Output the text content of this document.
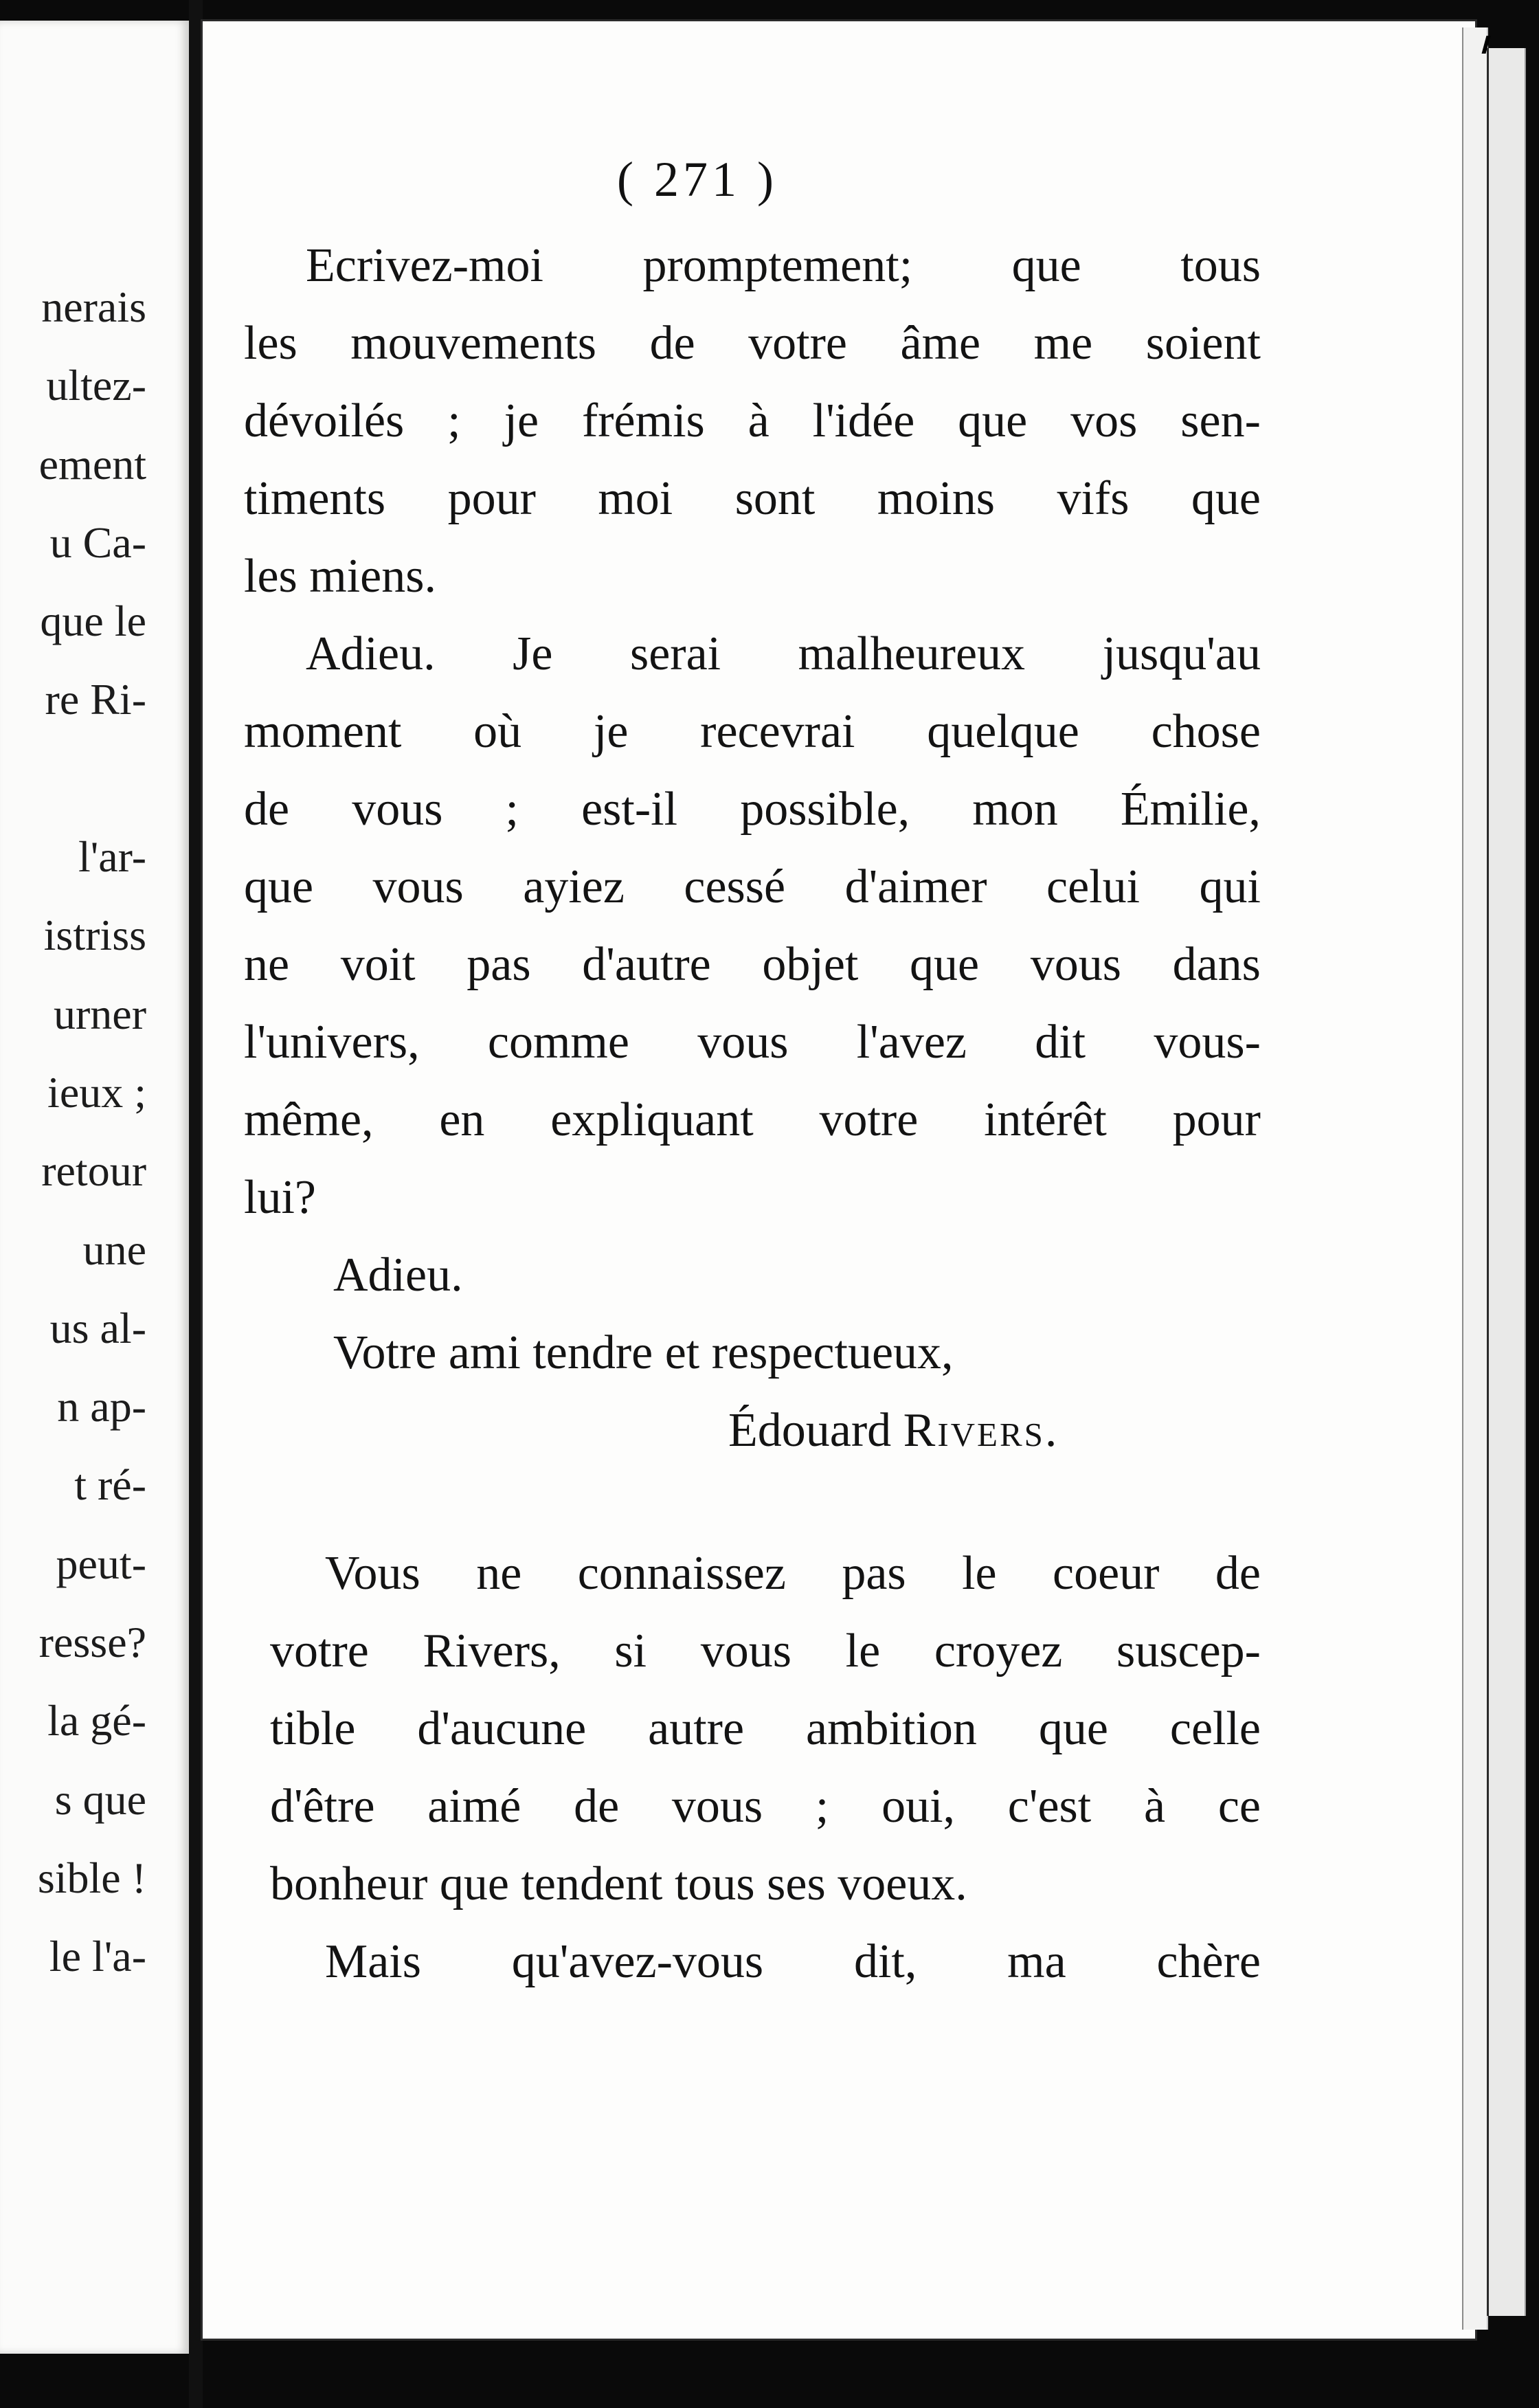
nerais
ultez-
ement
u Ca-
que le
re Ri-
l'ar-
istriss
urner
ieux ;
retour
une
us al-
n ap-
t ré-
peut-
resse?
la gé-
s que
sible !
le l'a-
( 271 )
Ecrivez-moi promptement; que tous
les mouvements de votre âme me soient
dévoilés ; je frémis à l'idée que vos sen-
timents pour moi sont moins vifs que
les miens.
Adieu. Je serai malheureux jusqu'au
moment où je recevrai quelque chose
de vous ; est-il possible, mon Émilie,
que vous ayiez cessé d'aimer celui qui
ne voit pas d'autre objet que vous dans
l'univers, comme vous l'avez dit vous-
même, en expliquant votre intérêt pour
lui?
Adieu.
Votre ami tendre et respectueux,
Édouard Rivers.
Vous ne connaissez pas le coeur de
votre Rivers, si vous le croyez suscep-
tible d'aucune autre ambition que celle
d'être aimé de vous ; oui, c'est à ce
bonheur que tendent tous ses voeux.
Mais qu'avez-vous dit, ma chère
